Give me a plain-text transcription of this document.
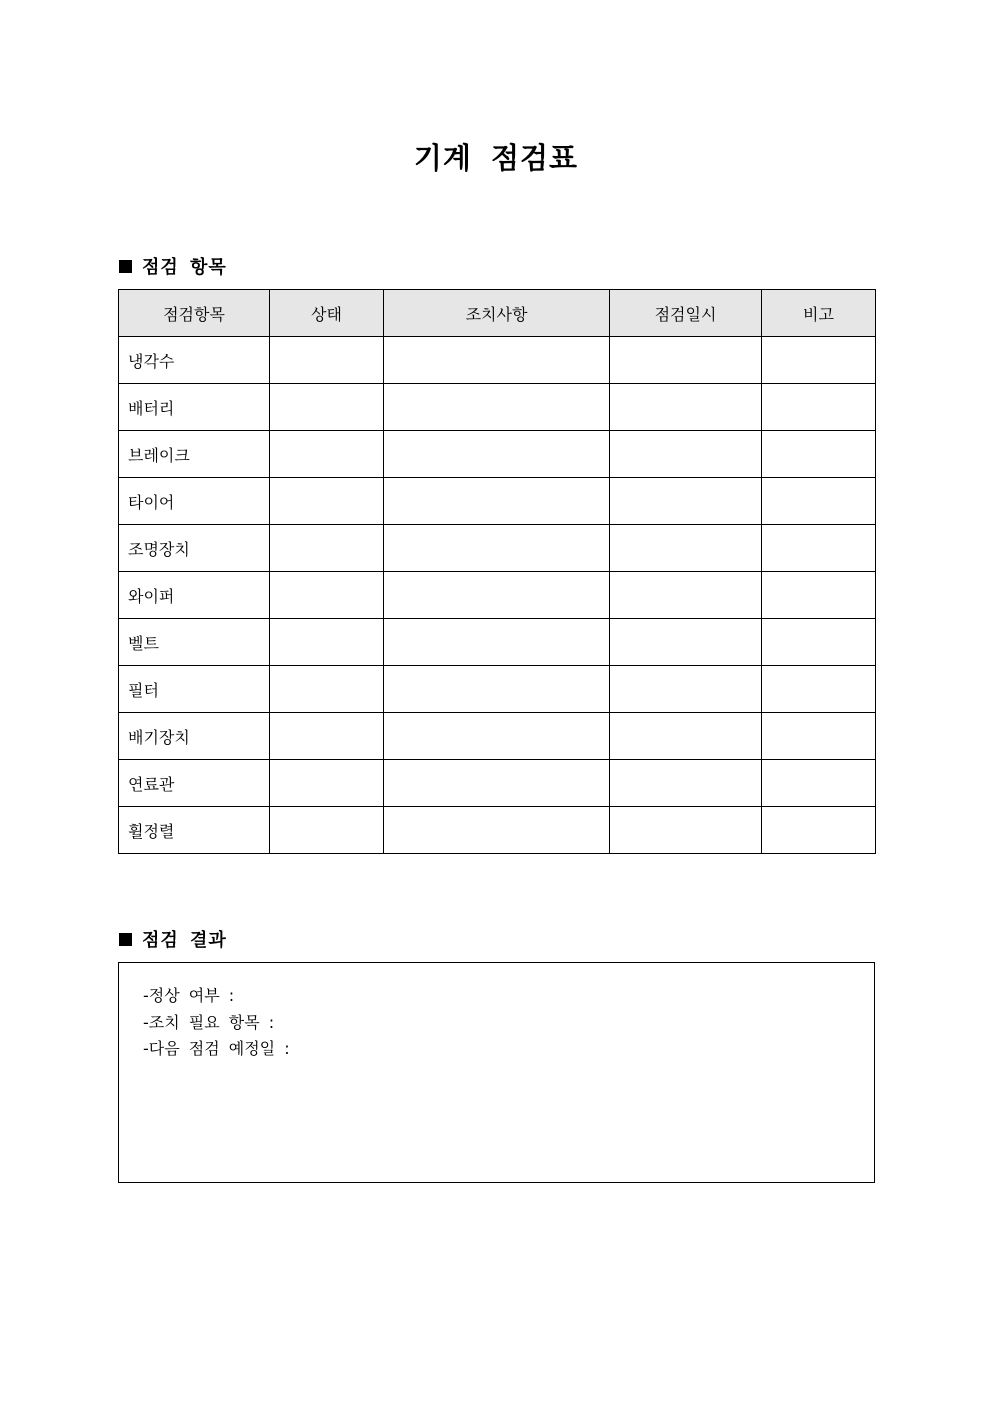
기계 점검표
점검 항목
점검항목	상태	조치사항	점검일시	비고
냉각수				
배터리				
브레이크				
타이어				
조명장치				
와이퍼				
벨트				
필터				
배기장치				
연료관				
휠정렬				
점검 결과
-정상 여부 :
-조치 필요 항목 :
-다음 점검 예정일 :
